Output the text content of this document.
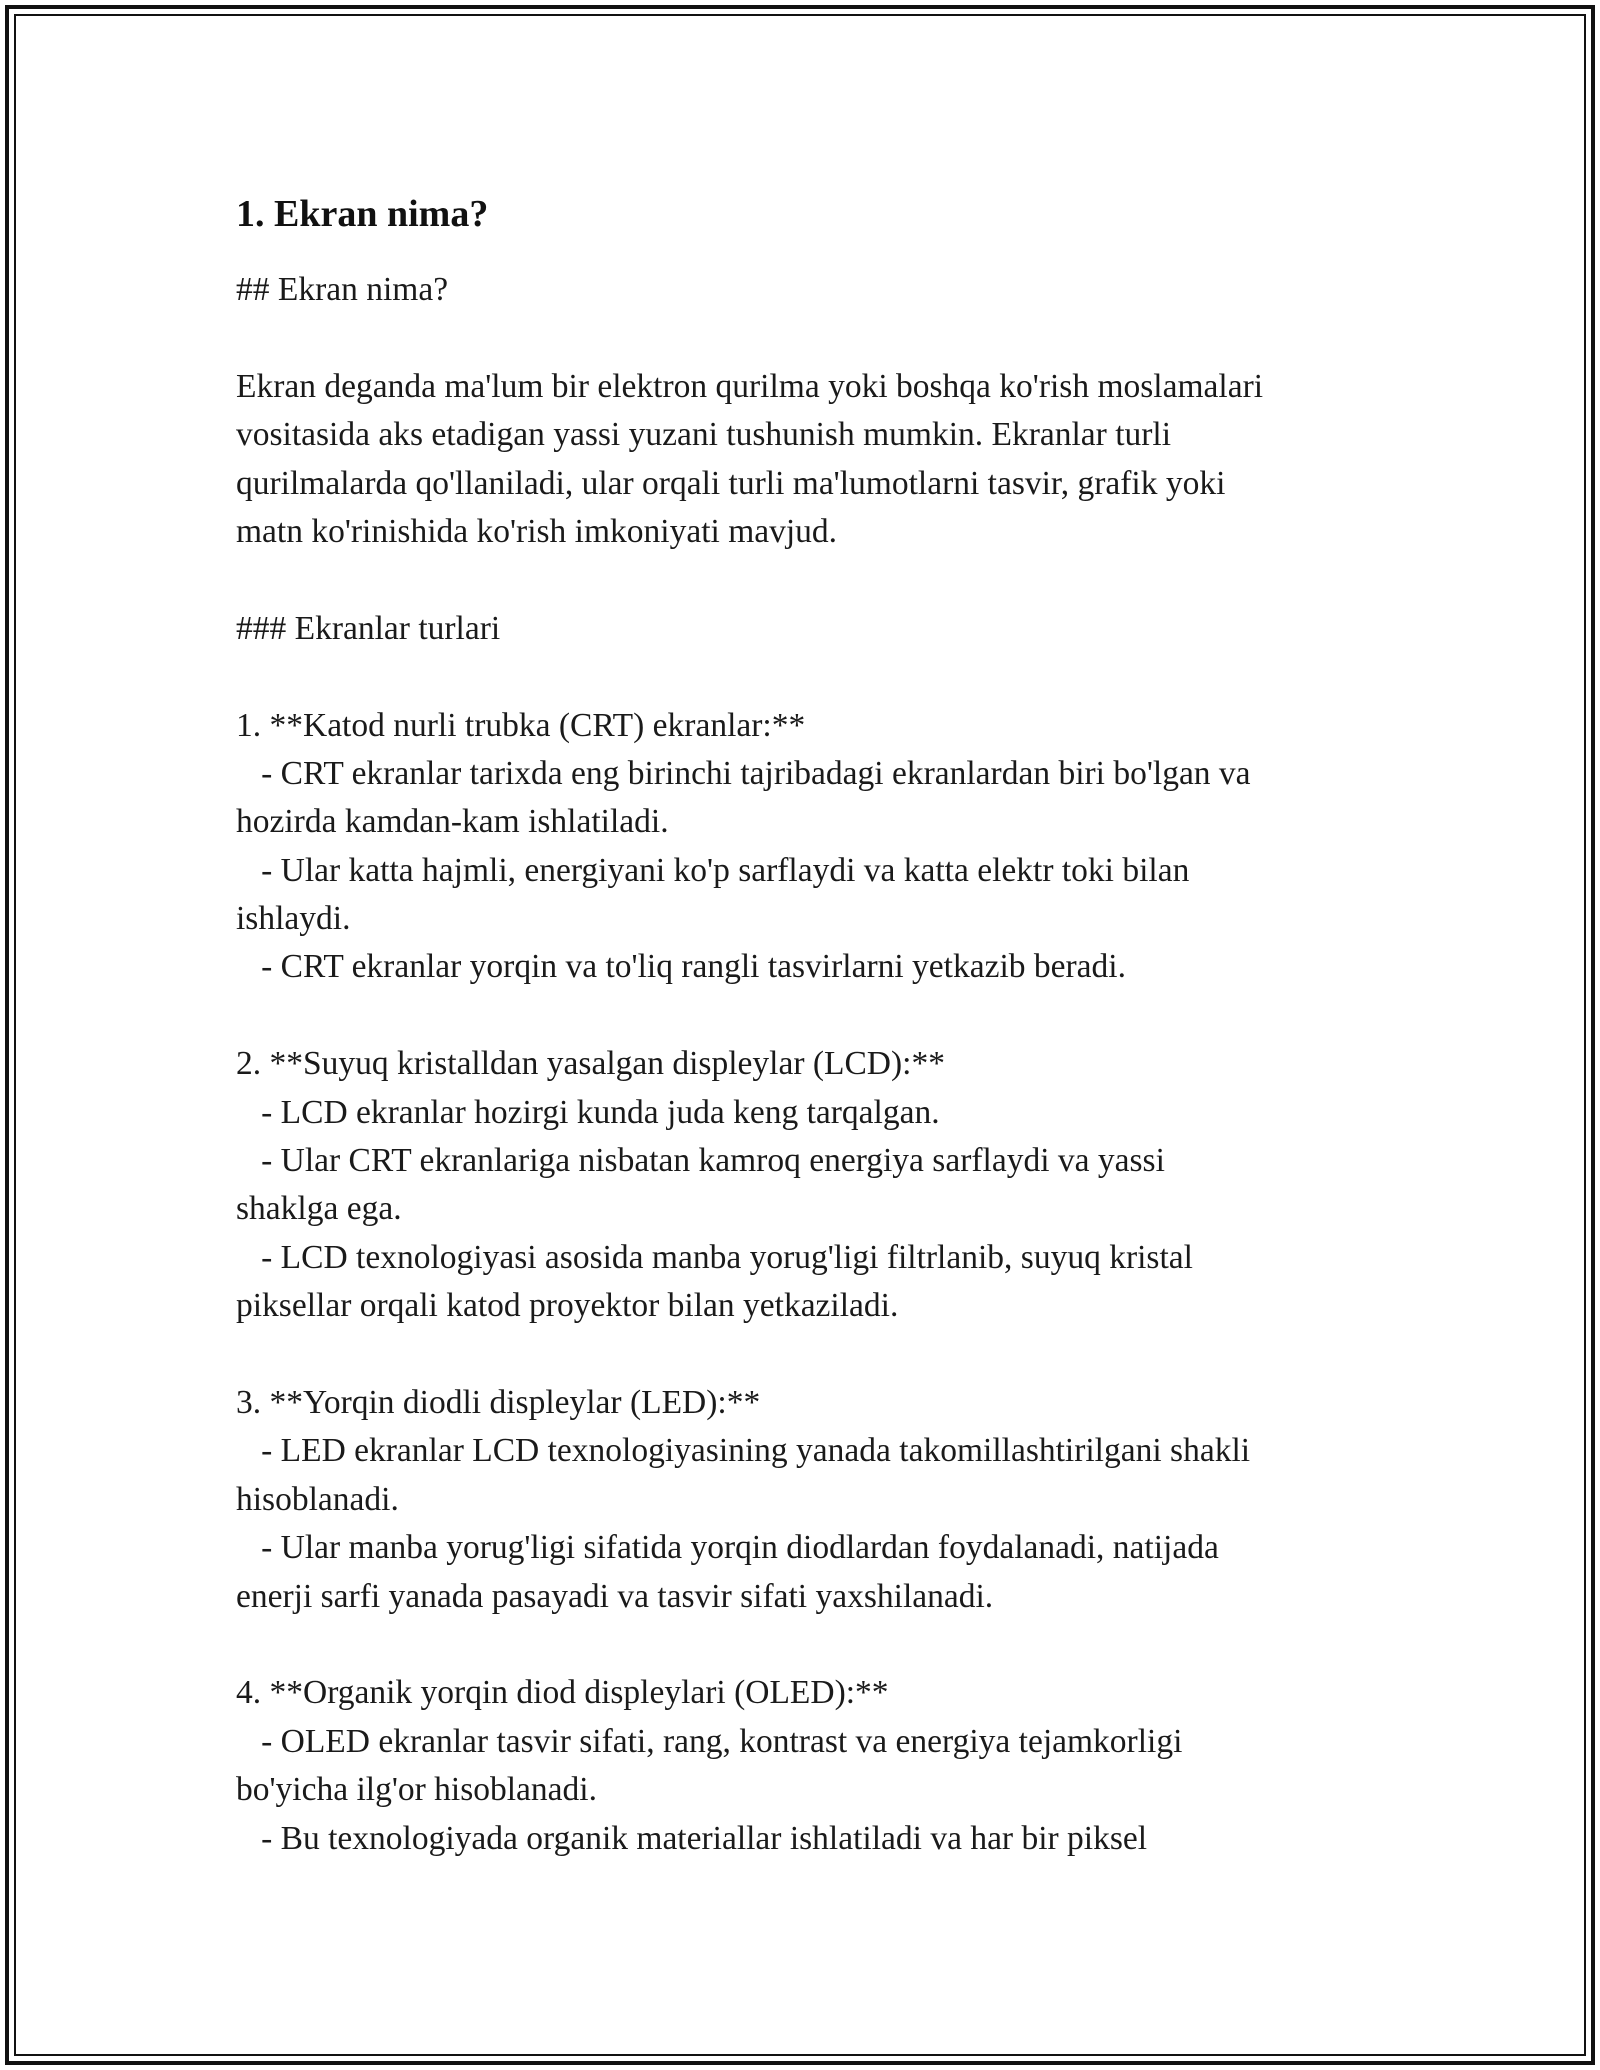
1. Ekran nima?
## Ekran nima?
Ekran deganda ma'lum bir elektron qurilma yoki boshqa ko'rish moslamalari
vositasida aks etadigan yassi yuzani tushunish mumkin. Ekranlar turli
qurilmalarda qo'llaniladi, ular orqali turli ma'lumotlarni tasvir, grafik yoki
matn ko'rinishida ko'rish imkoniyati mavjud.
### Ekranlar turlari
1. **Katod nurli trubka (CRT) ekranlar:**
- CRT ekranlar tarixda eng birinchi tajribadagi ekranlardan biri bo'lgan va
hozirda kamdan-kam ishlatiladi.
- Ular katta hajmli, energiyani ko'p sarflaydi va katta elektr toki bilan
ishlaydi.
- CRT ekranlar yorqin va to'liq rangli tasvirlarni yetkazib beradi.
2. **Suyuq kristalldan yasalgan displeylar (LCD):**
- LCD ekranlar hozirgi kunda juda keng tarqalgan.
- Ular CRT ekranlariga nisbatan kamroq energiya sarflaydi va yassi
shaklga ega.
- LCD texnologiyasi asosida manba yorug'ligi filtrlanib, suyuq kristal
piksellar orqali katod proyektor bilan yetkaziladi.
3. **Yorqin diodli displeylar (LED):**
- LED ekranlar LCD texnologiyasining yanada takomillashtirilgani shakli
hisoblanadi.
- Ular manba yorug'ligi sifatida yorqin diodlardan foydalanadi, natijada
enerji sarfi yanada pasayadi va tasvir sifati yaxshilanadi.
4. **Organik yorqin diod displeylari (OLED):**
- OLED ekranlar tasvir sifati, rang, kontrast va energiya tejamkorligi
bo'yicha ilg'or hisoblanadi.
- Bu texnologiyada organik materiallar ishlatiladi va har bir piksel
